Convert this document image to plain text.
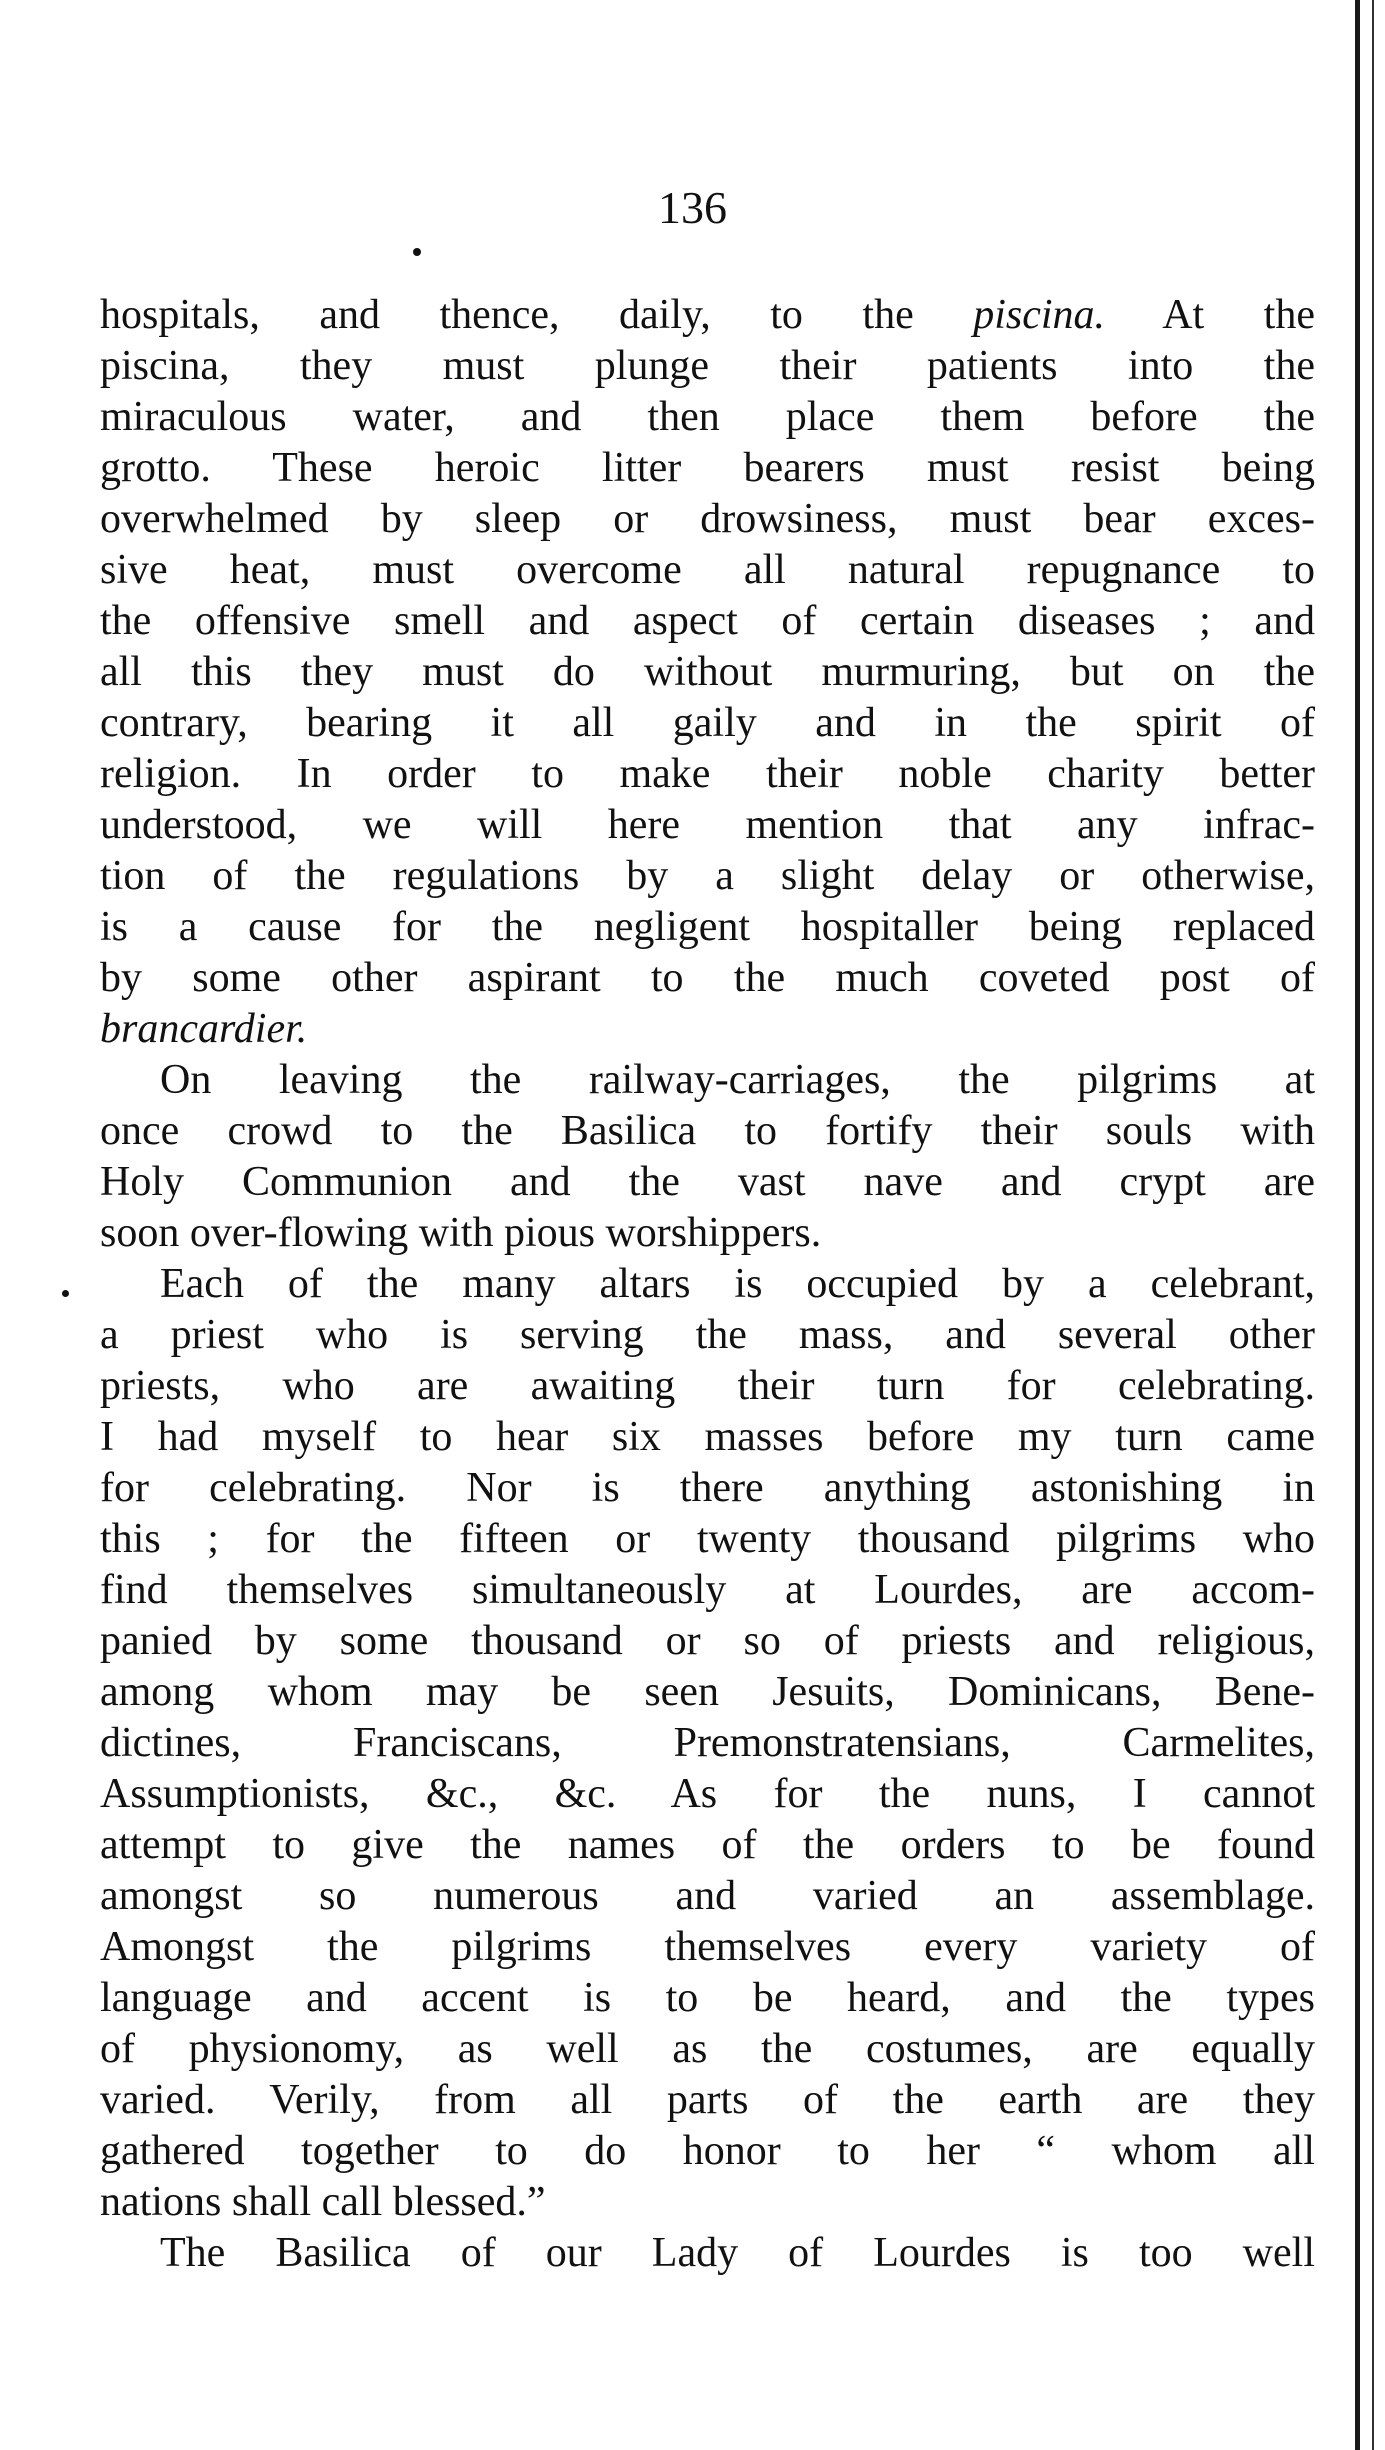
136
hospitals, and thence, daily, to the piscina. At the
piscina, they must plunge their patients into the
miraculous water, and then place them before the
grotto. These heroic litter bearers must resist being
overwhelmed by sleep or drowsiness, must bear exces-
sive heat, must overcome all natural repugnance to
the offensive smell and aspect of certain diseases ; and
all this they must do without murmuring, but on the
contrary, bearing it all gaily and in the spirit of
religion. In order to make their noble charity better
understood, we will here mention that any infrac-
tion of the regulations by a slight delay or otherwise,
is a cause for the negligent hospitaller being replaced
by some other aspirant to the much coveted post of
brancardier.
On leaving the railway-carriages, the pilgrims at
once crowd to the Basilica to fortify their souls with
Holy Communion and the vast nave and crypt are
soon over-flowing with pious worshippers.
Each of the many altars is occupied by a celebrant,
a priest who is serving the mass, and several other
priests, who are awaiting their turn for celebrating.
I had myself to hear six masses before my turn came
for celebrating. Nor is there anything astonishing in
this ; for the fifteen or twenty thousand pilgrims who
find themselves simultaneously at Lourdes, are accom-
panied by some thousand or so of priests and religious,
among whom may be seen Jesuits, Dominicans, Bene-
dictines, Franciscans, Premonstratensians, Carmelites,
Assumptionists, &c., &c. As for the nuns, I cannot
attempt to give the names of the orders to be found
amongst so numerous and varied an assemblage.
Amongst the pilgrims themselves every variety of
language and accent is to be heard, and the types
of physionomy, as well as the costumes, are equally
varied. Verily, from all parts of the earth are they
gathered together to do honor to her “ whom all
nations shall call blessed.”
The Basilica of our Lady of Lourdes is too well
